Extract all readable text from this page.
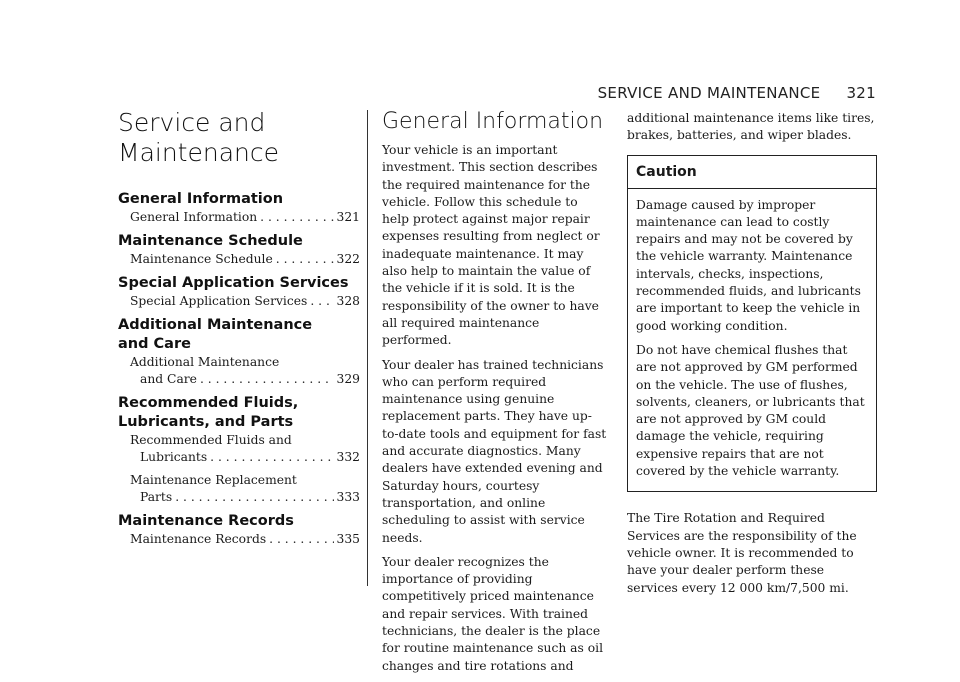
SERVICE AND MAINTENANCE 321
Service and
Maintenance
General Information
General Information . . .	321
Maintenance Schedule
Maintenance Schedule . . .	322
Special Application Services
Special Application Services . . . 328
Additional Maintenance
and Care
Additional Maintenance
and Care . . .	329
Recommended Fluids,
Lubricants, and Parts
Recommended Fluids and
Lubricants . . .	332
Maintenance Replacement
Parts . . .	333
Maintenance Records
Maintenance Records . . .	335
General Information

Your vehicle is an important investment. This section describes the required maintenance for the vehicle. Follow this schedule to help protect against major repair expenses resulting from neglect or inadequate maintenance. It may also help to maintain the value of the vehicle if it is sold. It is the responsibility of the owner to have all required maintenance performed.

Your dealer has trained technicians who can perform required maintenance using genuine replacement parts. They have up-to-date tools and equipment for fast and accurate diagnostics. Many dealers have extended evening and Saturday hours, courtesy transportation, and online scheduling to assist with service needs.

Your dealer recognizes the importance of providing competitively priced maintenance and repair services. With trained technicians, the dealer is the place for routine maintenance such as oil changes and tire rotations and

additional maintenance items like tires, brakes, batteries, and wiper blades.

Caution

Damage caused by improper maintenance can lead to costly repairs and may not be covered by the vehicle warranty. Maintenance intervals, checks, inspections, recommended fluids, and lubricants are important to keep the vehicle in good working condition.

Do not have chemical flushes that are not approved by GM performed on the vehicle. The use of flushes, solvents, cleaners, or lubricants that are not approved by GM could damage the vehicle, requiring expensive repairs that are not covered by the vehicle warranty.

The Tire Rotation and Required Services are the responsibility of the vehicle owner. It is recommended to have your dealer perform these services every 12 000 km/7,500 mi.
